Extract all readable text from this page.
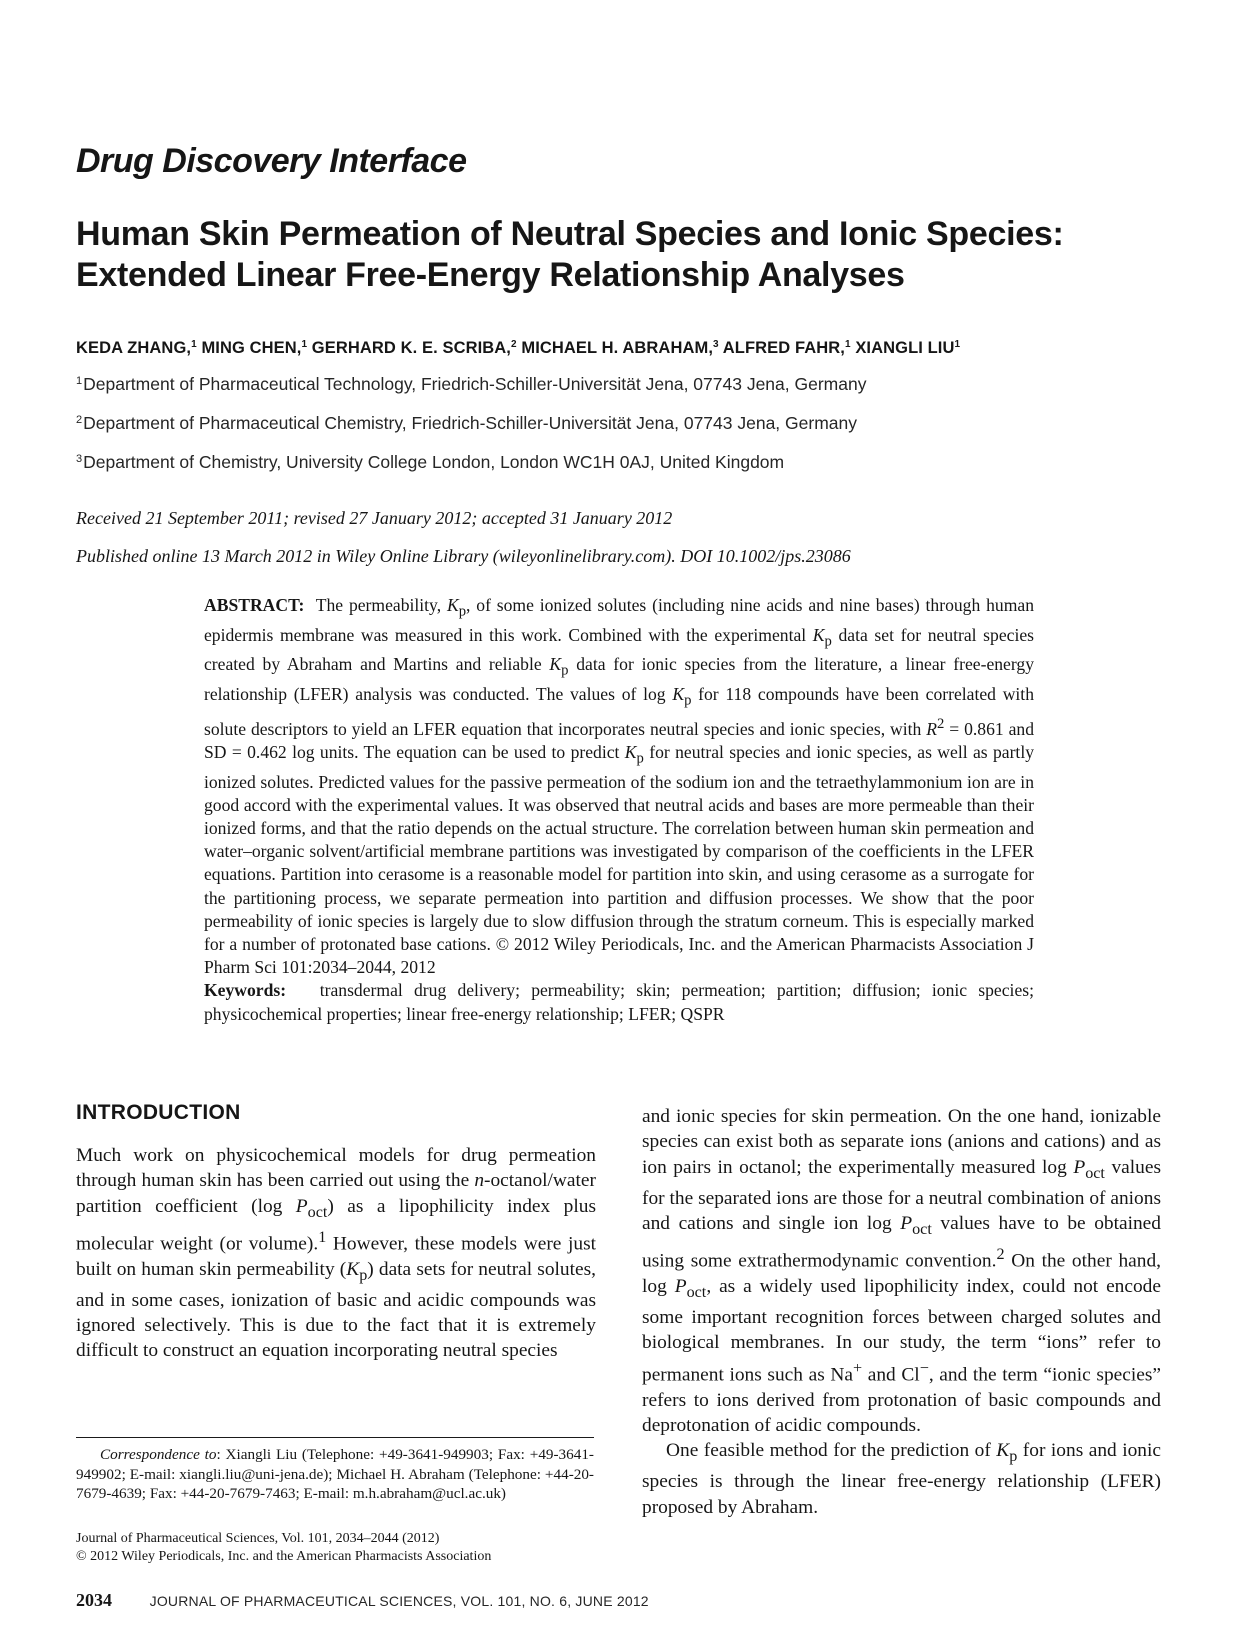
Drug Discovery Interface
Human Skin Permeation of Neutral Species and Ionic Species:
Extended Linear Free-Energy Relationship Analyses
KEDA ZHANG,$^1$ MING CHEN,$^1$ GERHARD K. E. SCRIBA,$^2$ MICHAEL H. ABRAHAM,$^3$ ALFRED FAHR,$^1$ XIANGLI LIU$^1$
$^1$Department of Pharmaceutical Technology, Friedrich-Schiller-Universität Jena, 07743 Jena, Germany
$^2$Department of Pharmaceutical Chemistry, Friedrich-Schiller-Universität Jena, 07743 Jena, Germany
$^3$Department of Chemistry, University College London, London WC1H 0AJ, United Kingdom
Received 21 September 2011; revised 27 January 2012; accepted 31 January 2012
Published online 13 March 2012 in Wiley Online Library (wileyonlinelibrary.com). DOI 10.1002/jps.23086

ABSTRACT: The permeability, $K_p$, of some ionized solutes (including nine acids and nine bases) through human epidermis membrane was measured in this work. Combined with the experimental $K_p$ data set for neutral species created by Abraham and Martins and reliable $K_p$ data for ionic species from the literature, a linear free-energy relationship (LFER) analysis was conducted. The values of $\log K_p$ for 118 compounds have been correlated with solute descriptors to yield an LFER equation that incorporates neutral species and ionic species, with $R^2 = 0.861$ and SD = 0.462 log units. The equation can be used to predict $K_p$ for neutral species and ionic species, as well as partly ionized solutes. Predicted values for the passive permeation of the sodium ion and the tetraethylammonium ion are in good accord with the experimental values. It was observed that neutral acids and bases are more permeable than their ionized forms, and that the ratio depends on the actual structure. The correlation between human skin permeation and water–organic solvent/artificial membrane partitions was investigated by comparison of the coefficients in the LFER equations. Partition into cerasome is a reasonable model for partition into skin, and using cerasome as a surrogate for the partitioning process, we separate permeation into partition and diffusion processes. We show that the poor permeability of ionic species is largely due to slow diffusion through the stratum corneum. This is especially marked for a number of protonated base cations. © 2012 Wiley Periodicals, Inc. and the American Pharmacists Association J Pharm Sci 101:2034–2044, 2012

Keywords: transdermal drug delivery; permeability; skin; permeation; partition; diffusion; ionic species; physicochemical properties; linear free-energy relationship; LFER; QSPR

INTRODUCTION

Much work on physicochemical models for drug permeation through human skin has been carried out using the n-octanol/water partition coefficient (log $P_{oct}$) as a lipophilicity index plus molecular weight (or volume).$^1$ However, these models were just built on human skin permeability $(K_p)$ data sets for neutral solutes, and in some cases, ionization of basic and acidic compounds was ignored selectively. This is due to the fact that it is extremely difficult to construct an equation incorporating neutral species

Correspondence to: Xiangli Liu (Telephone: +49-3641-949903; Fax: +49-3641-949902; E-mail: xiangli.liu@uni-jena.de); Michael H. Abraham (Telephone: +44-20-7679-4639; Fax: +44-20-7679-7463; E-mail: m.h.abraham@ucl.ac.uk)

Journal of Pharmaceutical Sciences, Vol. 101, 2034–2044 (2012)

© 2012 Wiley Periodicals, Inc. and the American Pharmacists Association

and ionic species for skin permeation. On the one hand, ionizable species can exist both as separate ions (anions and cations) and as ion pairs in octanol; the experimentally measured $\log P_{oct}$ values for the separated ions are those for a neutral combination of anions and cations and single ion $\log P_{oct}$ values have to be obtained using some extrathermodynamic convention.$^2$ On the other hand, $\log P_{oct}$, as a widely used lipophilicity index, could not encode some important recognition forces between charged solutes and biological membranes. In our study, the term “ions” refer to permanent ions such as Na+ and Cl−, and the term “ionic species” refers to ions derived from protonation of basic compounds and deprotonation of acidic compounds.

One feasible method for the prediction of $K_p$ for ions and ionic species is through the linear free-energy relationship (LFER) proposed by Abraham.

2034	JOURNAL OF PHARMACEUTICAL SCIENCES, VOL. 101, NO. 6, JUNE 2012
